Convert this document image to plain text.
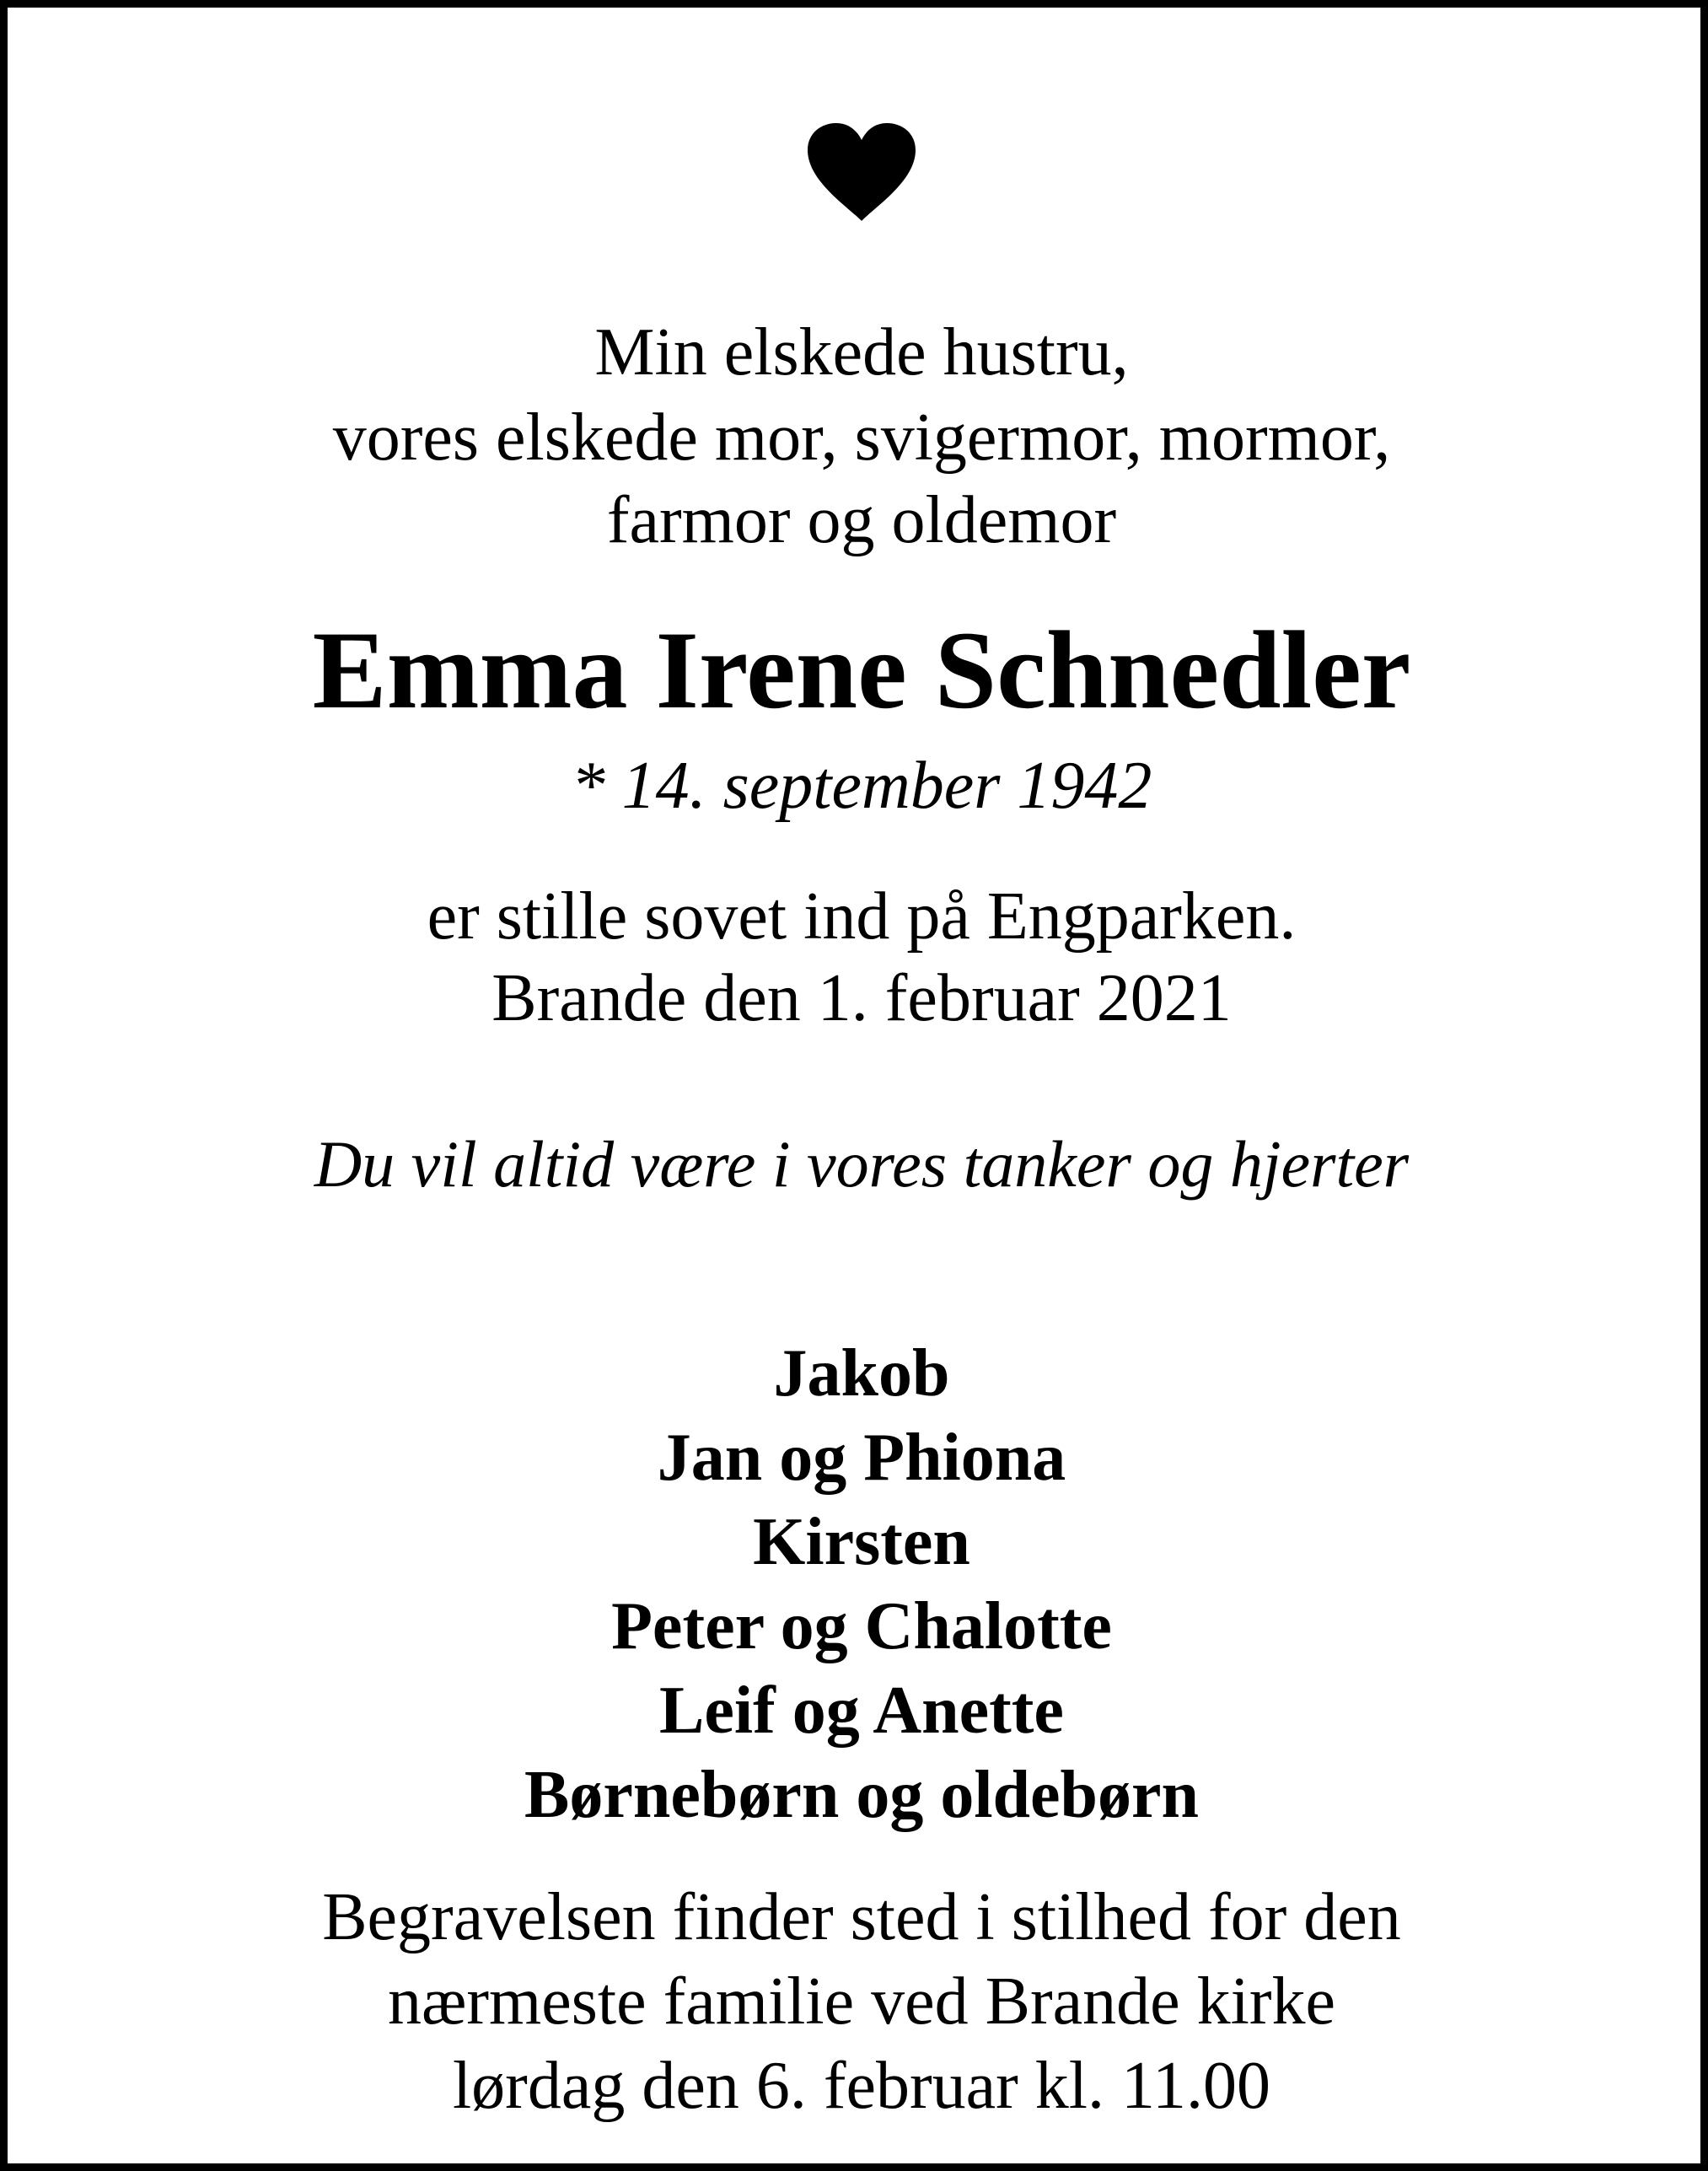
Min elskede hustru,
vores elskede mor, svigermor, mormor,
farmor og oldemor
Emma Irene Schnedler
* 14. september 1942
er stille sovet ind på Engparken.
Brande den 1. februar 2021
Du vil altid være i vores tanker og hjerter
Jakob
Jan og Phiona
Kirsten
Peter og Chalotte
Leif og Anette
Børnebørn og oldebørn
Begravelsen finder sted i stilhed for den
nærmeste familie ved Brande kirke
lørdag den 6. februar kl. 11.00
